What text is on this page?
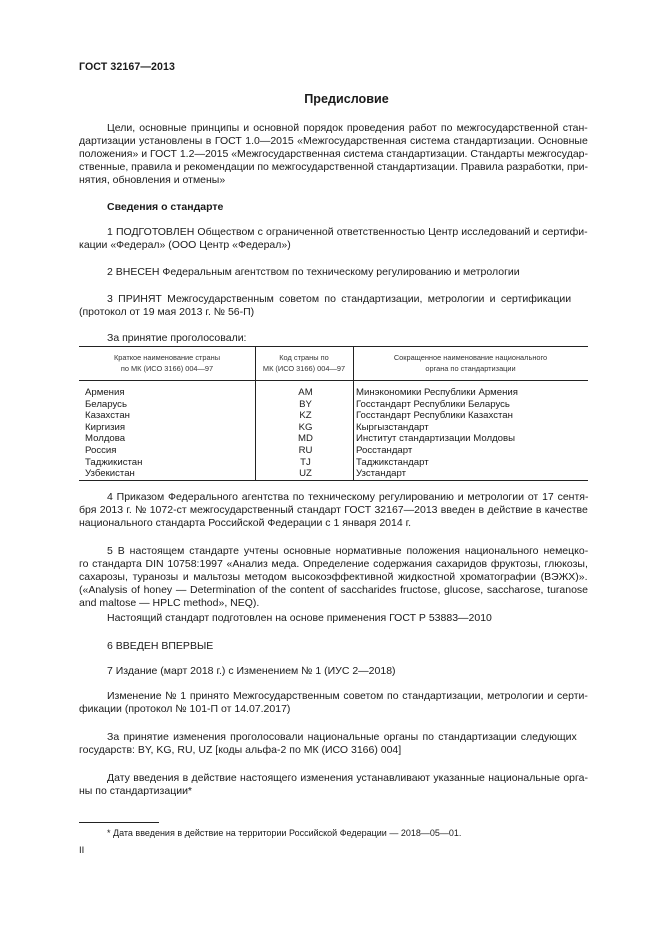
ГОСТ 32167—2013
Предисловие
Цели, основные принципы и основной порядок проведения работ по межгосударственной стан-
дартизации установлены в ГОСТ 1.0—2015 «Межгосударственная система стандартизации. Основные
положения» и ГОСТ 1.2—2015 «Межгосударственная система стандартизации. Стандарты межгосудар-
ственные, правила и рекомендации по межгосударственной стандартизации. Правила разработки, при-
нятия, обновления и отмены»
Сведения о стандарте
1 ПОДГОТОВЛЕН Обществом с ограниченной ответственностью Центр исследований и сертифи-
кации «Федерал» (ООО Центр «Федерал»)
2 ВНЕСЕН Федеральным агентством по техническому регулированию и метрологии
3 ПРИНЯТ Межгосударственным советом по стандартизации, метрологии и сертификации
(протокол от 19 мая 2013 г. № 56-П)
За принятие проголосовали:
Краткое наименование страны
по МК (ИСО 3166) 004—97
Код страны по
МК (ИСО 3166) 004—97
Сокращенное наименование национального
органа по стандартизации
Армения
Беларусь
Казахстан
Киргизия
Молдова
Россия
Таджикистан
Узбекистан
AM
BY
KZ
KG
MD
RU
TJ
UZ
Минэкономики Республики Армения
Госстандарт Республики Беларусь
Госстандарт Республики Казахстан
Кыргызстандарт
Институт стандартизации Молдовы
Росстандарт
Таджикстандарт
Узстандарт
4 Приказом Федерального агентства по техническому регулированию и метрологии от 17 сентя-
бря 2013 г. № 1072-ст межгосударственный стандарт ГОСТ 32167—2013 введен в действие в качестве
национального стандарта Российской Федерации с 1 января 2014 г.
5 В настоящем стандарте учтены основные нормативные положения национального немецко-
го стандарта DIN 10758:1997 «Анализ меда. Определение содержания сахаридов фруктозы, глюкозы,
сахарозы, туранозы и мальтозы методом высокоэффективной жидкостной хроматографии (ВЭЖХ)».
(«Analysis of honey — Determination of the content of saccharides fructose, glucose, saccharose, turanose
and maltose — HPLC method», NEQ).
Настоящий стандарт подготовлен на основе применения ГОСТ Р 53883—2010
6 ВВЕДЕН ВПЕРВЫЕ
7 Издание (март 2018 г.) с Изменением № 1 (ИУС 2—2018)
Изменение № 1 принято Межгосударственным советом по стандартизации, метрологии и серти-
фикации (протокол № 101-П от 14.07.2017)
За принятие изменения проголосовали национальные органы по стандартизации следующих
государств: BY, KG, RU, UZ [коды альфа-2 по МК (ИСО 3166) 004]
Дату введения в действие настоящего изменения устанавливают указанные национальные орга-
ны по стандартизации*
* Дата введения в действие на территории Российской Федерации — 2018—05—01.
II
